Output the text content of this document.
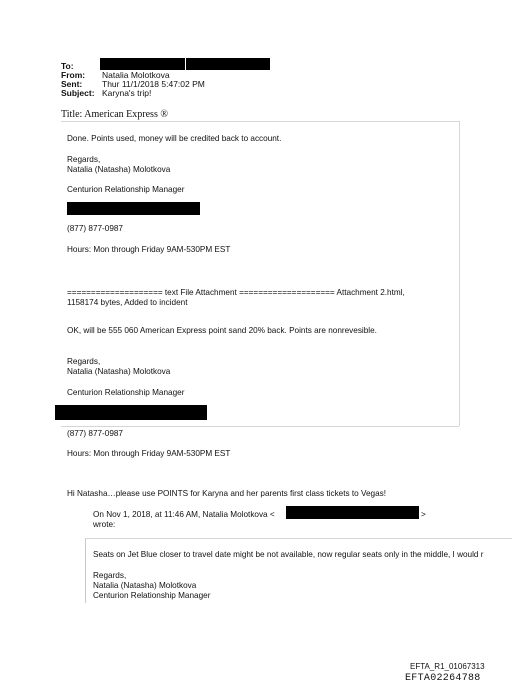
To:
From: Natalia Molotkova
Sent: Thur 11/1/2018 5:47:02 PM
Subject: Karyna's trip!
Title: American Express ®
Done. Points used, money will be credited back to account.
Regards,
Natalia (Natasha) Molotkova
Centurion Relationship Manager
(877) 877-0987
Hours: Mon through Friday 9AM-530PM EST
==================== text File Attachment ==================== Attachment 2.html,
1158174 bytes, Added to incident
OK, will be 555 060 American Express point sand 20% back. Points are nonrevesible.
Regards,
Natalia (Natasha) Molotkova
Centurion Relationship Manager
(877) 877-0987
Hours: Mon through Friday 9AM-530PM EST
Hi Natasha…please use POINTS for Karyna and her parents first class tickets to Vegas!
On Nov 1, 2018, at 11:46 AM, Natalia Molotkova <	>
wrote:
Seats on Jet Blue closer to travel date might be not available, now regular seats only in the middle, I would r
Regards,
Natalia (Natasha) Molotkova
Centurion Relationship Manager
EFTA_R1_01067313
EFTA02264788
